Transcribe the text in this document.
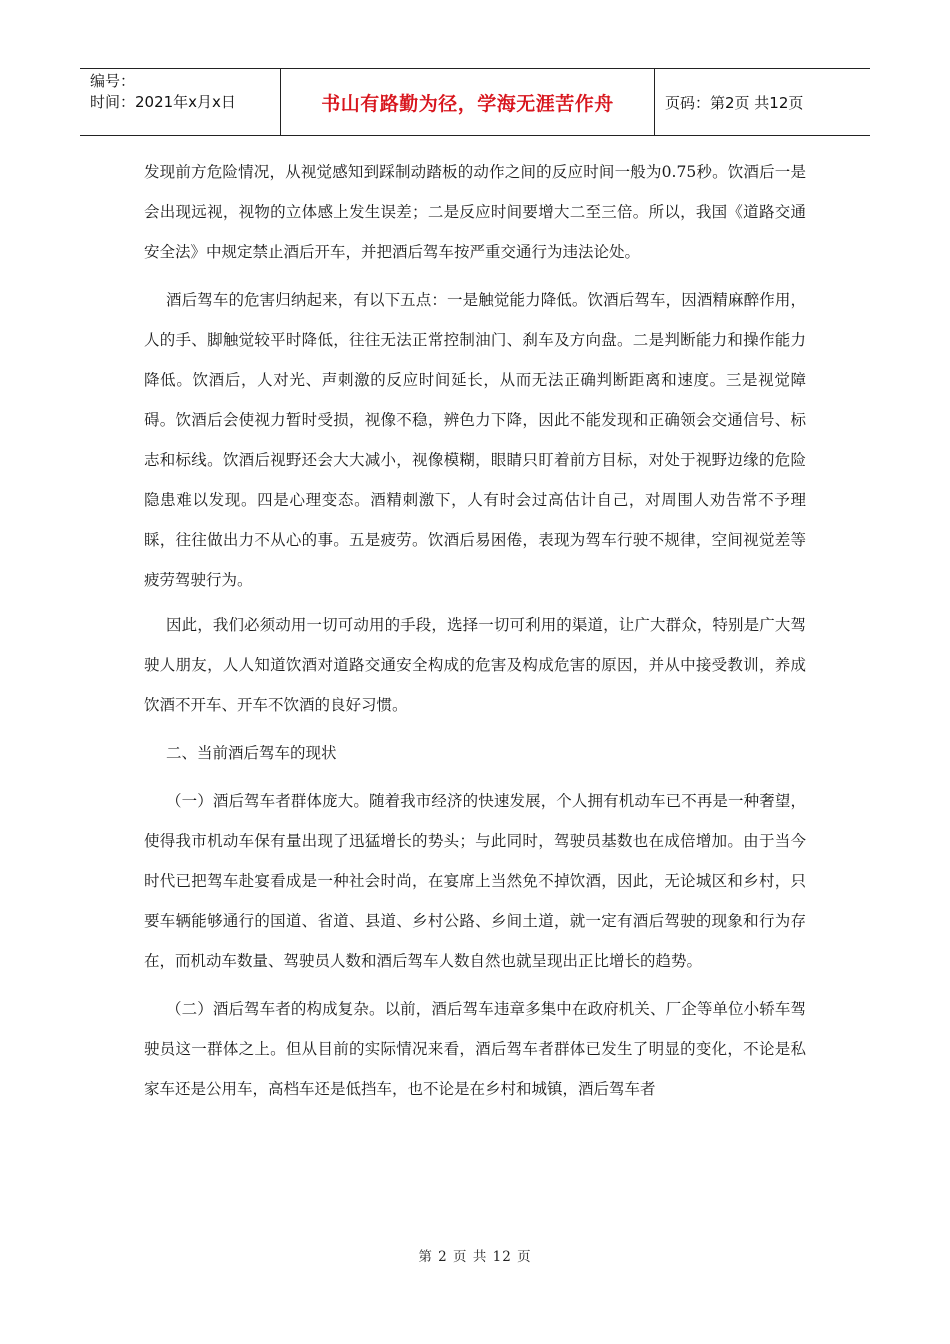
编号：
时间：2021年x月x日	书山有路勤为径，学海无涯苦作舟	页码：第2页 共12页

发现前方危险情况，从视觉感知到踩制动踏板的动作之间的反应时间一般为0.75秒。饮酒后一是会出现远视，视物的立体感上发生误差；二是反应时间要增大二至三倍。所以，我国《道路交通安全法》中规定禁止酒后开车，并把酒后驾车按严重交通行为违法论处。

酒后驾车的危害归纳起来，有以下五点：一是触觉能力降低。饮酒后驾车，因酒精麻醉作用，人的手、脚触觉较平时降低，往往无法正常控制油门、刹车及方向盘。二是判断能力和操作能力降低。饮酒后，人对光、声刺激的反应时间延长，从而无法正确判断距离和速度。三是视觉障碍。饮酒后会使视力暂时受损，视像不稳，辨色力下降，因此不能发现和正确领会交通信号、标志和标线。饮酒后视野还会大大减小，视像模糊，眼睛只盯着前方目标，对处于视野边缘的危险隐患难以发现。四是心理变态。酒精刺激下，人有时会过高估计自己，对周围人劝告常不予理睬，往往做出力不从心的事。五是疲劳。饮酒后易困倦，表现为驾车行驶不规律，空间视觉差等疲劳驾驶行为。

因此，我们必须动用一切可动用的手段，选择一切可利用的渠道，让广大群众，特别是广大驾驶人朋友，人人知道饮酒对道路交通安全构成的危害及构成危害的原因，并从中接受教训，养成饮酒不开车、开车不饮酒的良好习惯。

二、当前酒后驾车的现状

（一）酒后驾车者群体庞大。随着我市经济的快速发展，个人拥有机动车已不再是一种奢望，使得我市机动车保有量出现了迅猛增长的势头；与此同时，驾驶员基数也在成倍增加。由于当今时代已把驾车赴宴看成是一种社会时尚，在宴席上当然免不掉饮酒，因此，无论城区和乡村，只要车辆能够通行的国道、省道、县道、乡村公路、乡间土道，就一定有酒后驾驶的现象和行为存在，而机动车数量、驾驶员人数和酒后驾车人数自然也就呈现出正比增长的趋势。

（二）酒后驾车者的构成复杂。以前，酒后驾车违章多集中在政府机关、厂企等单位小轿车驾驶员这一群体之上。但从目前的实际情况来看，酒后驾车者群体已发生了明显的变化，不论是私家车还是公用车，高档车还是低挡车，也不论是在乡村和城镇，酒后驾车者

第 2 页 共 12 页
